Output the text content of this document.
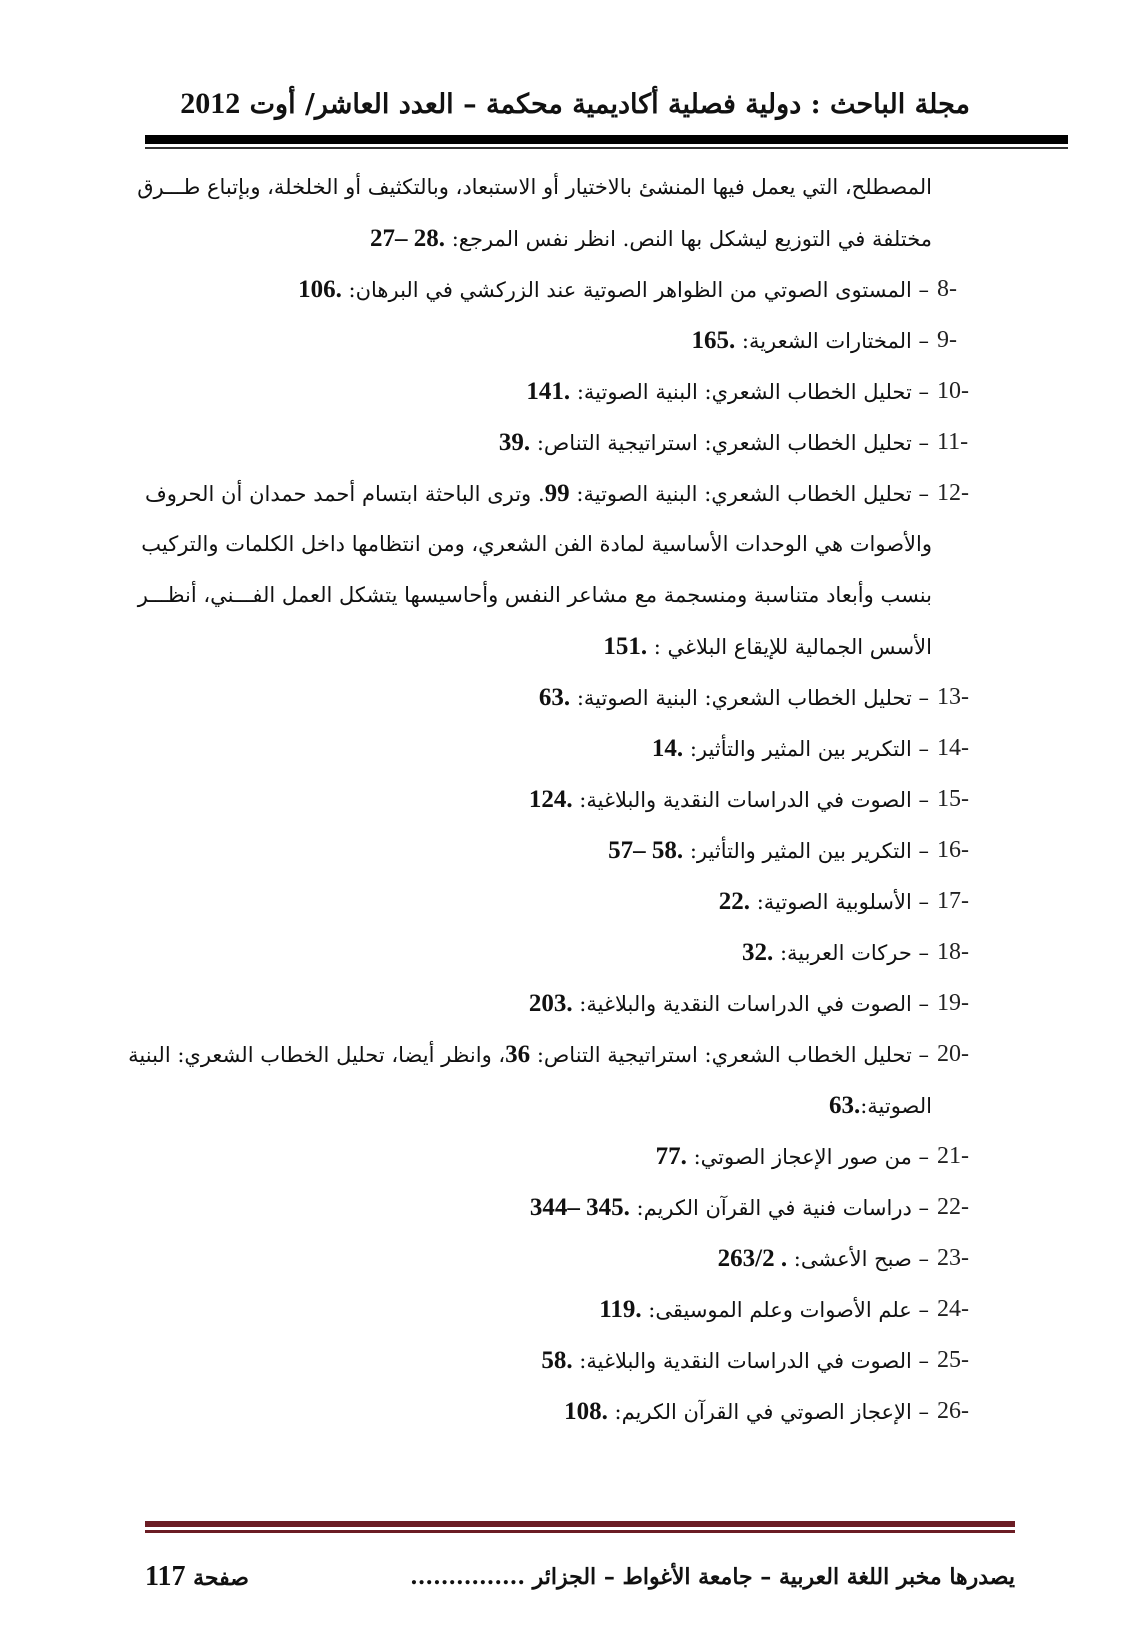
مجلة الباحث : دولية فصلية أكاديمية محكمة – العدد العاشر/ أوت 2012
المصطلح، التي يعمل فيها المنشئ بالاختيار أو الاستبعاد، وبالتكثيف أو الخلخلة، وبإتباع طـــرق
مختلفة في التوزيع ليشكل بها النص. انظر نفس المرجع: 27– 28.
8-
– المستوى الصوتي من الظواهر الصوتية عند الزركشي في البرهان: 106.
9-
– المختارات الشعرية: 165.
10-
– تحليل الخطاب الشعري: البنية الصوتية: 141.
11-
– تحليل الخطاب الشعري: استراتيجية التناص: 39.
12-
– تحليل الخطاب الشعري: البنية الصوتية: 99. وترى الباحثة ابتسام أحمد حمدان أن الحروف
والأصوات هي الوحدات الأساسية لمادة الفن الشعري، ومن انتظامها داخل الكلمات والتركيب
بنسب وأبعاد متناسبة ومنسجمة مع مشاعر النفس وأحاسيسها يتشكل العمل الفـــني، أنظـــر
الأسس الجمالية للإيقاع البلاغي : 151.
13-
– تحليل الخطاب الشعري: البنية الصوتية: 63.
14-
– التكرير بين المثير والتأثير: 14.
15-
– الصوت في الدراسات النقدية والبلاغية: 124.
16-
– التكرير بين المثير والتأثير: 57– 58.
17-
– الأسلوبية الصوتية: 22.
18-
– حركات العربية: 32.
19-
– الصوت في الدراسات النقدية والبلاغية: 203.
20-
– تحليل الخطاب الشعري: استراتيجية التناص: 36، وانظر أيضا، تحليل الخطاب الشعري: البنية
الصوتية:63.
21-
– من صور الإعجاز الصوتي: 77.
22-
– دراسات فنية في القرآن الكريم: 344– 345.
23-
– صبح الأعشى: 263/2 .
24-
– علم الأصوات وعلم الموسيقى: 119.
25-
– الصوت في الدراسات النقدية والبلاغية: 58.
26-
– الإعجاز الصوتي في القرآن الكريم: 108.
يصدرها مخبر اللغة العربية – جامعة الأغواط – الجزائر ...............
صفحة 117
